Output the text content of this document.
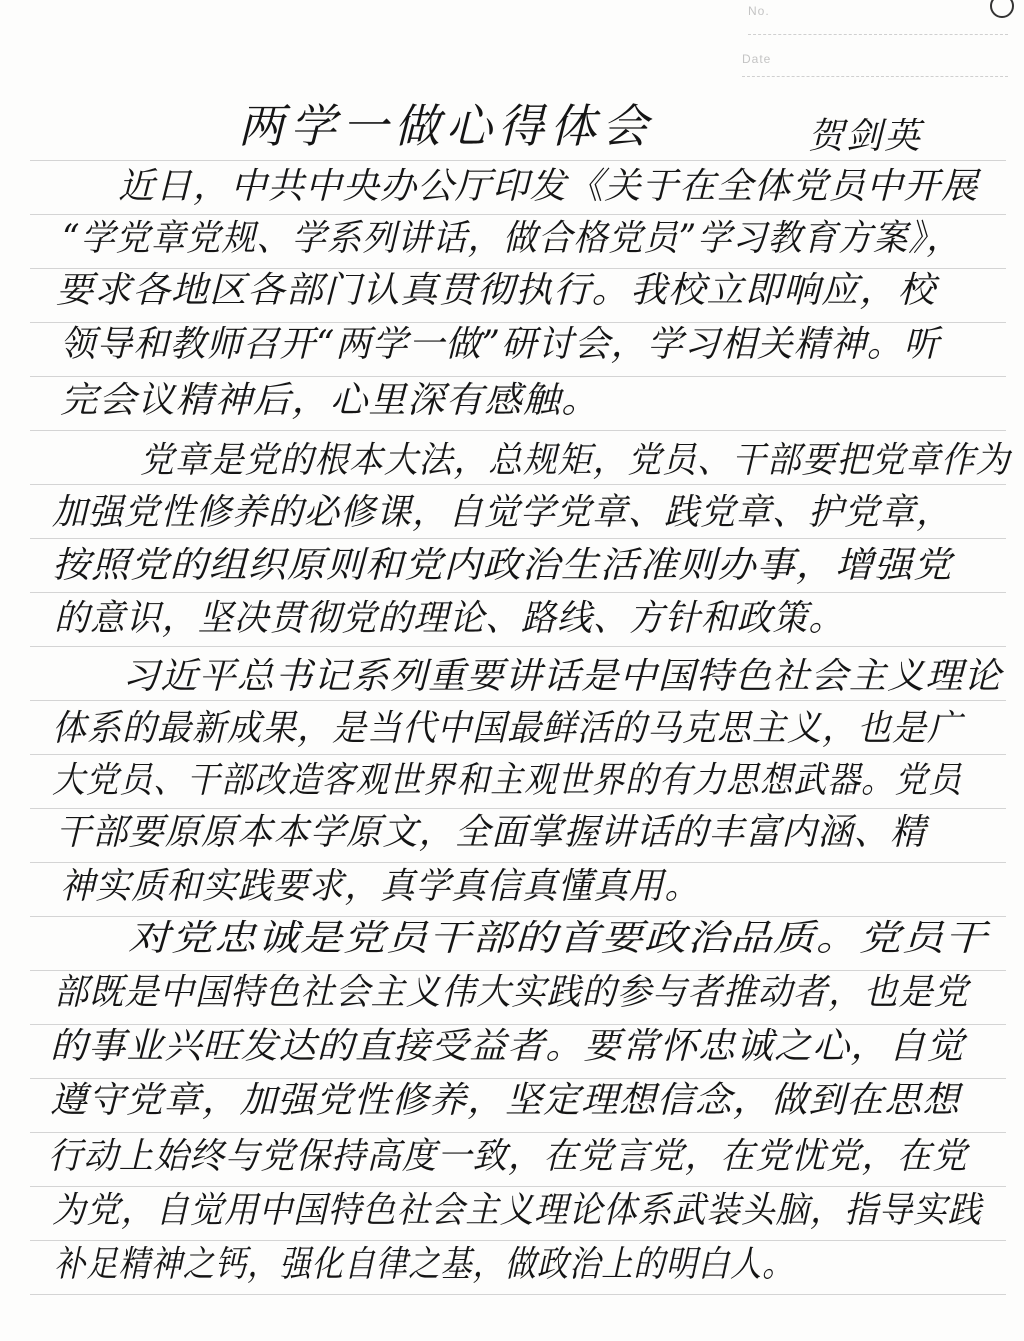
No.
Date
两学一做心得体会	贺剑英
近日，中共中央办公厅印发《关于在全体党员中开展
“学党章党规、学系列讲话，做合格党员”学习教育方案》，
要求各地区各部门认真贯彻执行。我校立即响应，校
领导和教师召开“两学一做”研讨会，学习相关精神。听
完会议精神后，心里深有感触。
党章是党的根本大法，总规矩，党员、干部要把党章作为
加强党性修养的必修课，自觉学党章、践党章、护党章，
按照党的组织原则和党内政治生活准则办事，增强党
的意识，坚决贯彻党的理论、路线、方针和政策。
习近平总书记系列重要讲话是中国特色社会主义理论
体系的最新成果，是当代中国最鲜活的马克思主义，也是广
大党员、干部改造客观世界和主观世界的有力思想武器。党员
干部要原原本本学原文，全面掌握讲话的丰富内涵、精
神实质和实践要求，真学真信真懂真用。
对党忠诚是党员干部的首要政治品质。党员干
部既是中国特色社会主义伟大实践的参与者推动者，也是党
的事业兴旺发达的直接受益者。要常怀忠诚之心，自觉
遵守党章，加强党性修养，坚定理想信念，做到在思想
行动上始终与党保持高度一致，在党言党，在党忧党，在党
为党，自觉用中国特色社会主义理论体系武装头脑，指导实践
补足精神之钙，强化自律之基，做政治上的明白人。
